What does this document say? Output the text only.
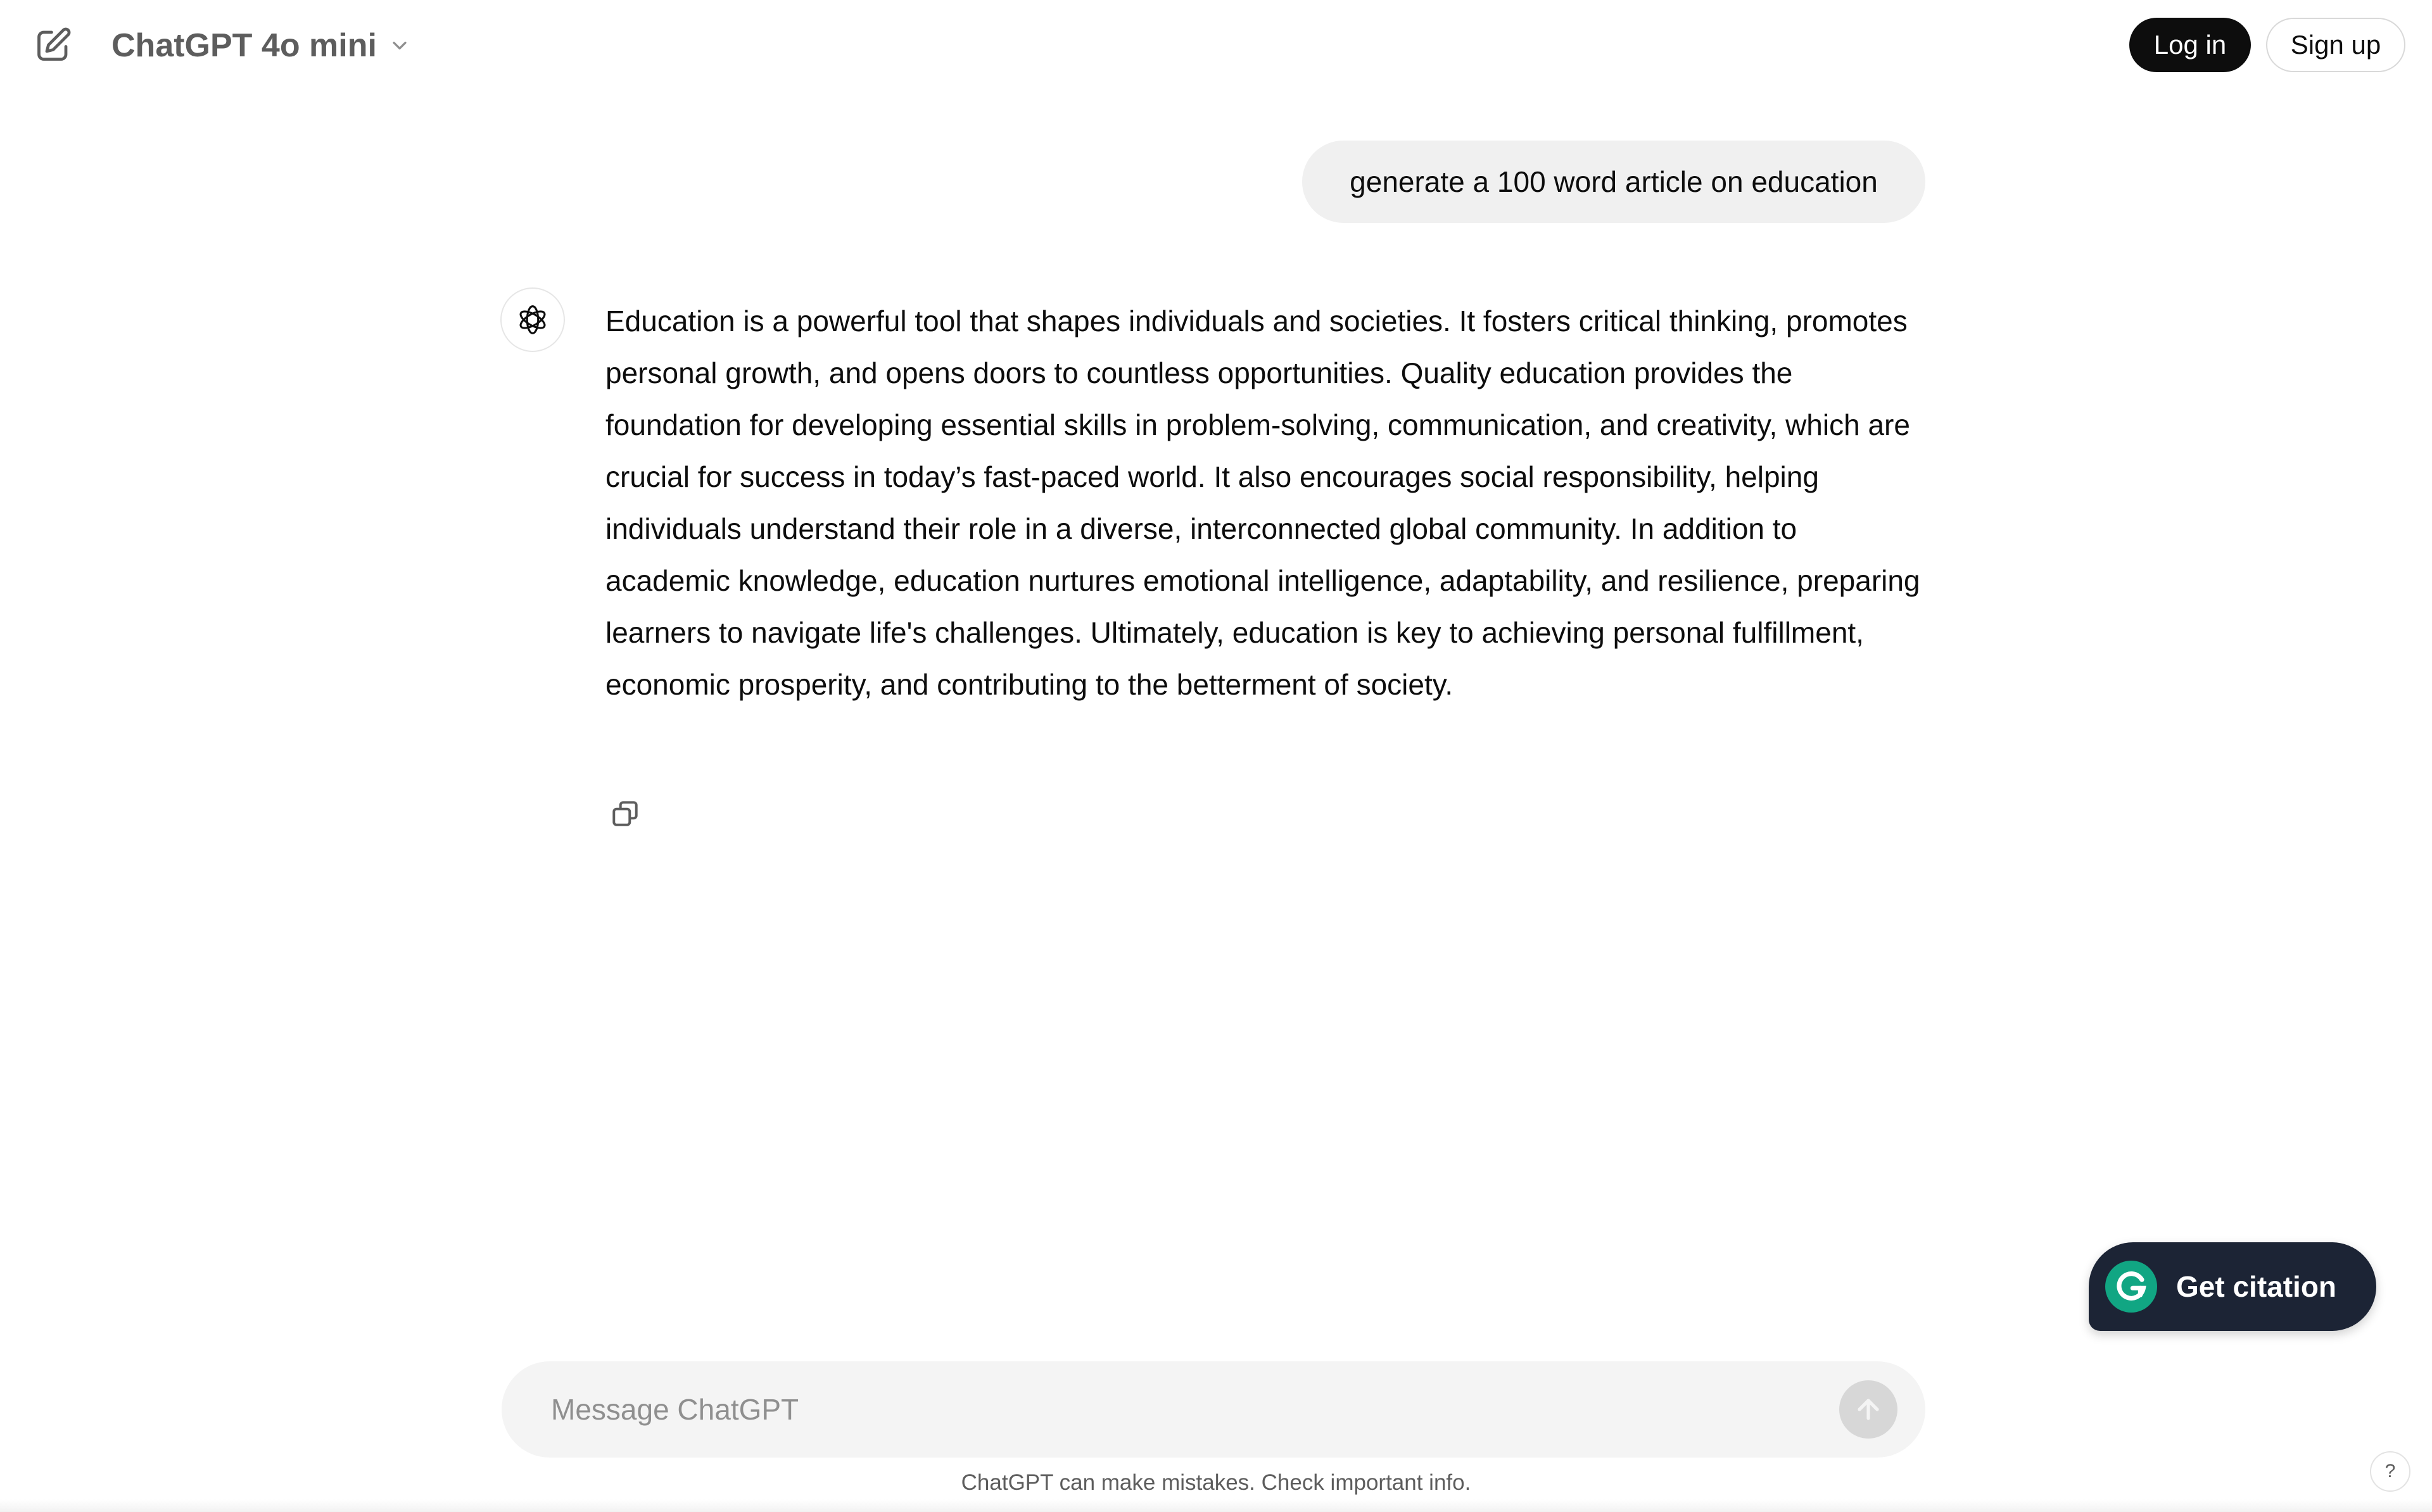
ChatGPT 4o mini	Log in	Sign up
generate a 100 word article on education
Education is a powerful tool that shapes individuals and societies. It fosters critical thinking, promotes personal growth, and opens doors to countless opportunities. Quality education provides the foundation for developing essential skills in problem-solving, communication, and creativity, which are crucial for success in today’s fast-paced world. It also encourages social responsibility, helping individuals understand their role in a diverse, interconnected global community. In addition to academic knowledge, education nurtures emotional intelligence, adaptability, and resilience, preparing learners to navigate life's challenges. Ultimately, education is key to achieving personal fulfillment, economic prosperity, and contributing to the betterment of society.
Get citation
Message ChatGPT
ChatGPT can make mistakes. Check important info.	?
